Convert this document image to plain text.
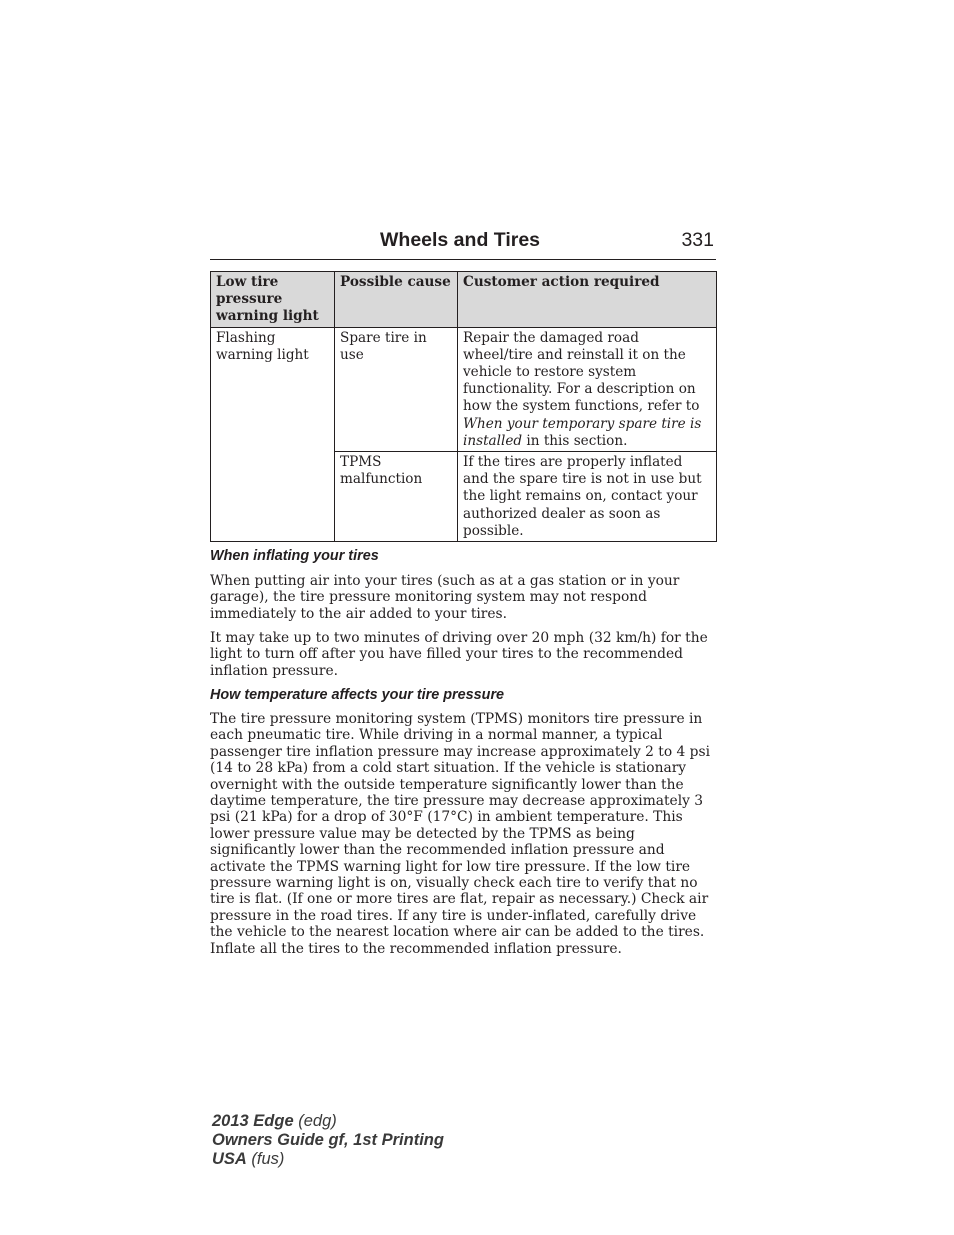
Wheels and Tires	331
Low tire pressure warning light	Possible cause	Customer action required
Flashing warning light	Spare tire in use	Repair the damaged road wheel/tire and reinstall it on the vehicle to restore system functionality. For a description on how the system functions, refer to When your temporary spare tire is installed in this section.
	TPMS malfunction	If the tires are properly inflated and the spare tire is not in use but the light remains on, contact your authorized dealer as soon as possible.
When inflating your tires

When putting air into your tires (such as at a gas station or in your garage), the tire pressure monitoring system may not respond immediately to the air added to your tires.

It may take up to two minutes of driving over 20 mph (32 km/h) for the light to turn off after you have filled your tires to the recommended inflation pressure.

How temperature affects your tire pressure

The tire pressure monitoring system (TPMS) monitors tire pressure in each pneumatic tire. While driving in a normal manner, a typical passenger tire inflation pressure may increase approximately 2 to 4 psi (14 to 28 kPa) from a cold start situation. If the vehicle is stationary overnight with the outside temperature significantly lower than the daytime temperature, the tire pressure may decrease approximately 3 psi (21 kPa) for a drop of 30°F (17°C) in ambient temperature. This lower pressure value may be detected by the TPMS as being significantly lower than the recommended inflation pressure and activate the TPMS warning light for low tire pressure. If the low tire pressure warning light is on, visually check each tire to verify that no tire is flat. (If one or more tires are flat, repair as necessary.) Check air pressure in the road tires. If any tire is under-inflated, carefully drive the vehicle to the nearest location where air can be added to the tires. Inflate all the tires to the recommended inflation pressure.

2013 Edge (edg)
Owners Guide gf, 1st Printing
USA (fus)
